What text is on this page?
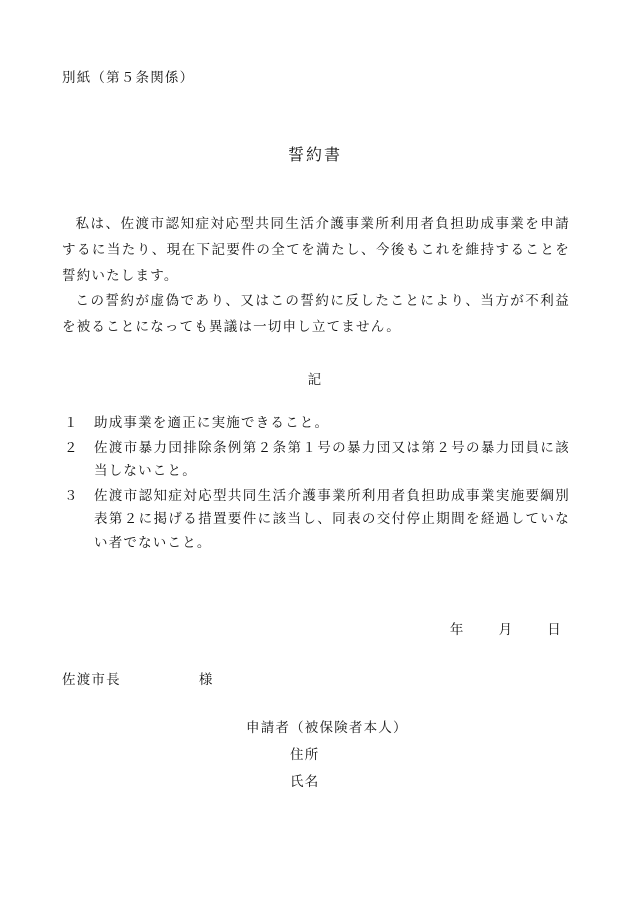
別紙（第５条関係）
誓約書
私は、佐渡市認知症対応型共同生活介護事業所利用者負担助成事業を申請するに当たり、現在下記要件の全てを満たし、今後もこれを維持することを誓約いたします。
この誓約が虚偽であり、又はこの誓約に反したことにより、当方が不利益を被ることになっても異議は一切申し立てません。
記
１ 助成事業を適正に実施できること。
２	佐渡市暴力団排除条例第２条第１号の暴力団又は第２号の暴力団員に該当しないこと。
３	佐渡市認知症対応型共同生活介護事業所利用者負担助成事業実施要綱別表第２に掲げる措置要件に該当し、同表の交付停止期間を経過していない者でないこと。
年	月	日
佐渡市長	様
申請者（被保険者本人）
住所
氏名
